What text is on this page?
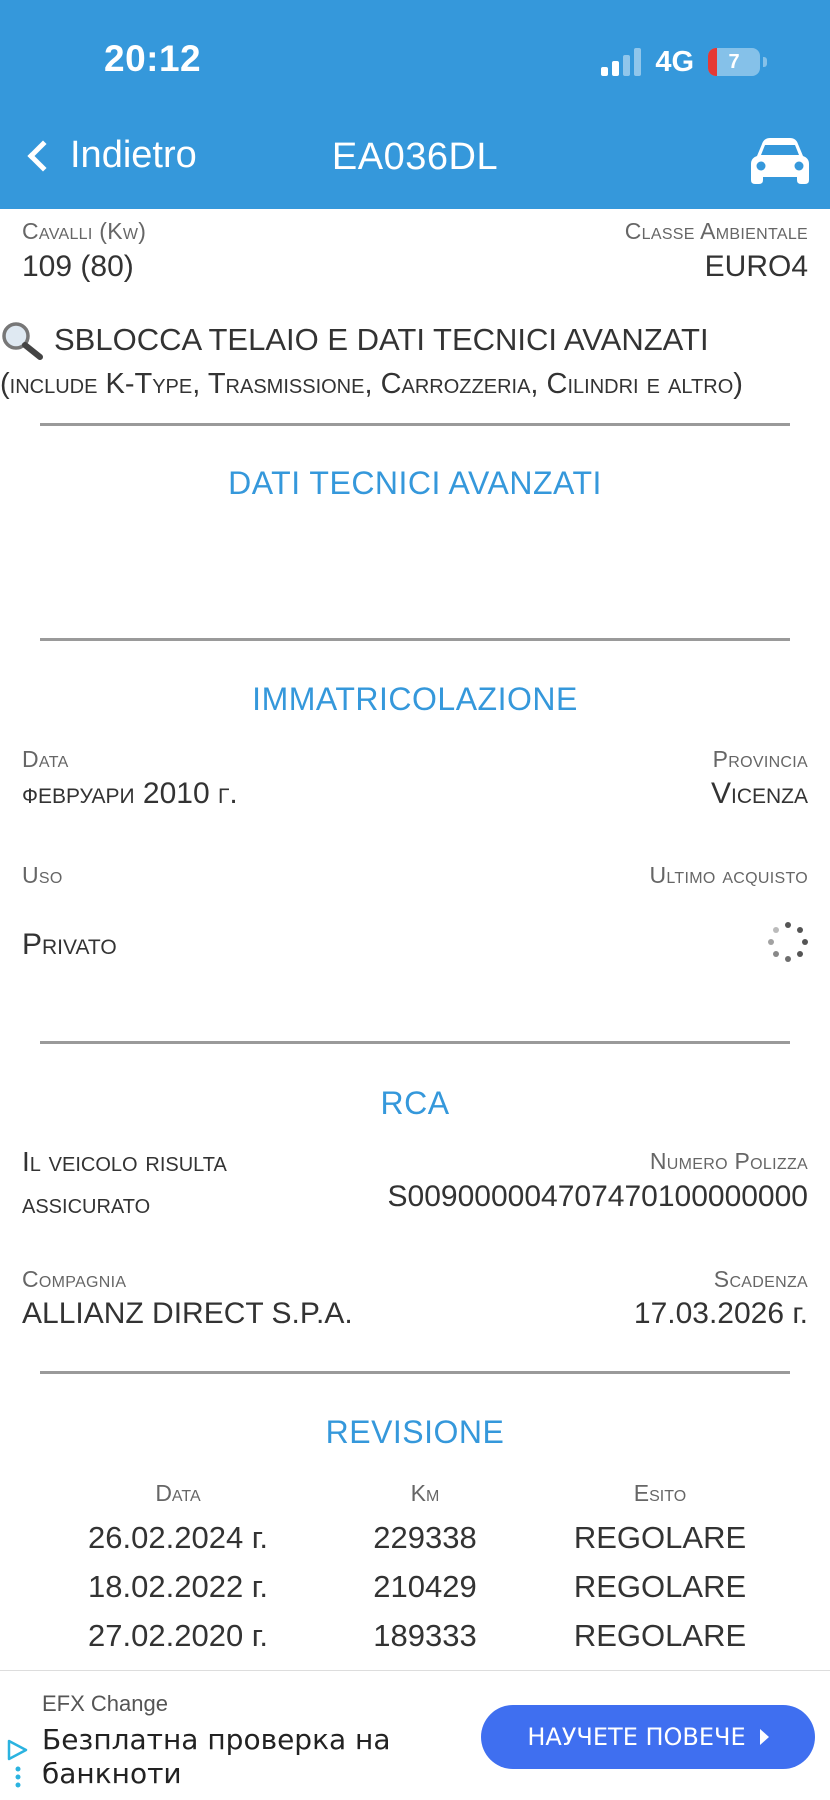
20:12	4G 7
Indietro	EA036DL
Cavalli (Kw)
109 (80)
Classe Ambientale
EURO4
SBLOCCA TELAIO E DATI TECNICI AVANZATI
(include K-Type, Trasmissione, Carrozzeria, Cilindri e altro)
DATI TECNICI AVANZATI
IMMATRICOLAZIONE
Data
февруари 2010 г.
Provincia
Vicenza
Uso
Privato
Ultimo acquisto
RCA
Il veicolo risulta
assicurato
Numero Polizza
S009000004707470100000000
Compagnia
ALLIANZ DIRECT S.P.A.
Scadenza
17.03.2026 г.
REVISIONE
Data	Km	Esito
26.02.2024 г.	229338	REGOLARE
18.02.2022 г.	210429	REGOLARE
27.02.2020 г.	189333	REGOLARE
EFX Change
Безплатна проверка на банкноти
НАУЧЕТЕ ПОВЕЧЕ
